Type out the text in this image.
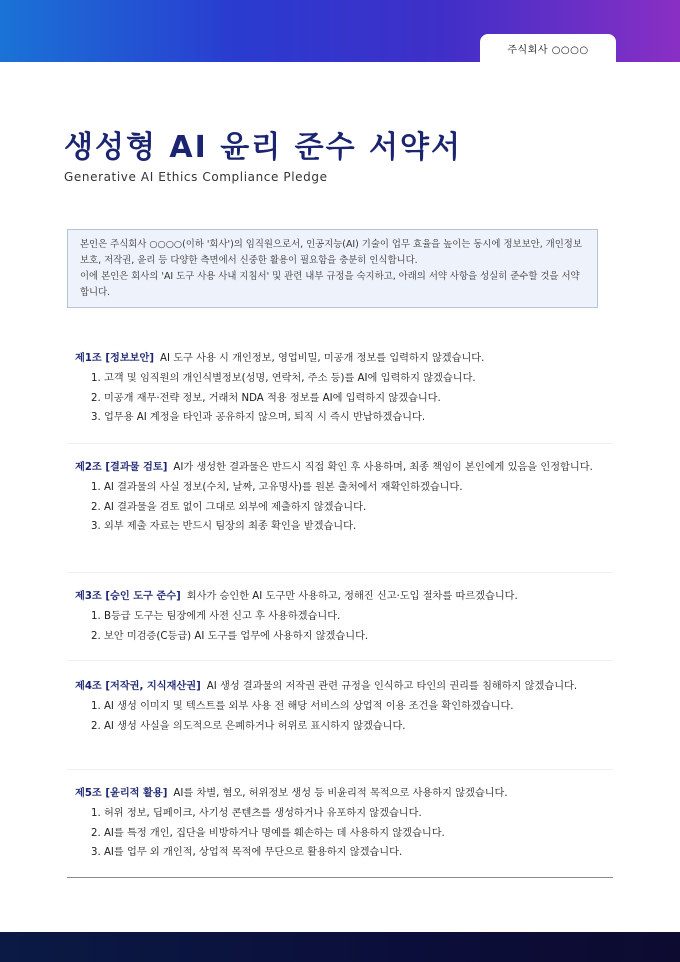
주식회사 ○○○○
생성형 AI 윤리 준수 서약서
Generative AI Ethics Compliance Pledge

본인은 주식회사 ○○○○(이하 '회사')의 임직원으로서, 인공지능(AI) 기술이 업무 효율을 높이는 동시에 정보보안, 개인정보 보호, 저작권, 윤리 등 다양한 측면에서 신중한 활용이 필요함을 충분히 인식합니다.

이에 본인은 회사의 'AI 도구 사용 사내 지침서' 및 관련 내부 규정을 숙지하고, 아래의 서약 사항을 성실히 준수할 것을 서약합니다.

제1조 [정보보안] AI 도구 사용 시 개인정보, 영업비밀, 미공개 정보를 입력하지 않겠습니다.
1. 고객 및 임직원의 개인식별정보(성명, 연락처, 주소 등)를 AI에 입력하지 않겠습니다.
2. 미공개 재무·전략 정보, 거래처 NDA 적용 정보를 AI에 입력하지 않겠습니다.
3. 업무용 AI 계정을 타인과 공유하지 않으며, 퇴직 시 즉시 반납하겠습니다.
제2조 [결과물 검토] AI가 생성한 결과물은 반드시 직접 확인 후 사용하며, 최종 책임이 본인에게 있음을 인정합니다.
1. AI 결과물의 사실 정보(수치, 날짜, 고유명사)를 원본 출처에서 재확인하겠습니다.
2. AI 결과물을 검토 없이 그대로 외부에 제출하지 않겠습니다.
3. 외부 제출 자료는 반드시 팀장의 최종 확인을 받겠습니다.
제3조 [승인 도구 준수] 회사가 승인한 AI 도구만 사용하고, 정해진 신고·도입 절차를 따르겠습니다.
1. B등급 도구는 팀장에게 사전 신고 후 사용하겠습니다.
2. 보안 미검증(C등급) AI 도구를 업무에 사용하지 않겠습니다.
제4조 [저작권, 지식재산권] AI 생성 결과물의 저작권 관련 규정을 인식하고 타인의 권리를 침해하지 않겠습니다.
1. AI 생성 이미지 및 텍스트를 외부 사용 전 해당 서비스의 상업적 이용 조건을 확인하겠습니다.
2. AI 생성 사실을 의도적으로 은폐하거나 허위로 표시하지 않겠습니다.
제5조 [윤리적 활용] AI를 차별, 혐오, 허위정보 생성 등 비윤리적 목적으로 사용하지 않겠습니다.
1. 허위 정보, 딥페이크, 사기성 콘텐츠를 생성하거나 유포하지 않겠습니다.
2. AI를 특정 개인, 집단을 비방하거나 명예를 훼손하는 데 사용하지 않겠습니다.
3. AI를 업무 외 개인적, 상업적 목적에 무단으로 활용하지 않겠습니다.
